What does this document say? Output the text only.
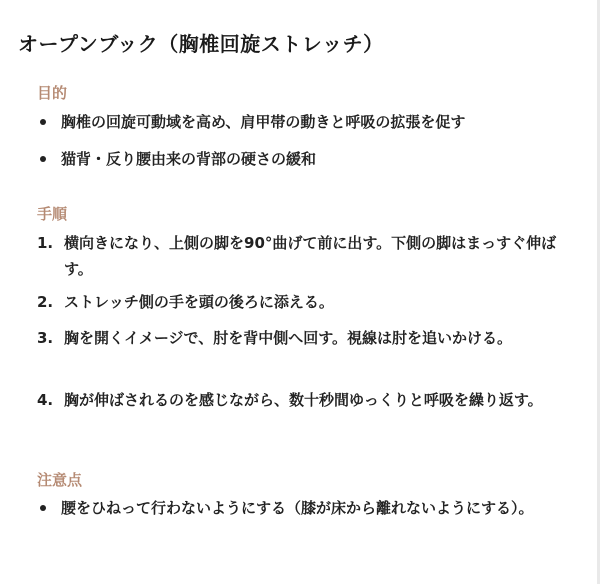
オープンブック（胸椎回旋ストレッチ）
目的
胸椎の回旋可動域を高め、肩甲帯の動きと呼吸の拡張を促す
猫背・反り腰由来の背部の硬さの緩和
手順
1. 横向きになり、上側の脚を90°曲げて前に出す。下側の脚はまっすぐ伸ばす。
2. ストレッチ側の手を頭の後ろに添える。
3. 胸を開くイメージで、肘を背中側へ回す。視線は肘を追いかける。
4. 胸が伸ばされるのを感じながら、数十秒間ゆっくりと呼吸を繰り返す。
注意点
腰をひねって行わないようにする（膝が床から離れないようにする）。
